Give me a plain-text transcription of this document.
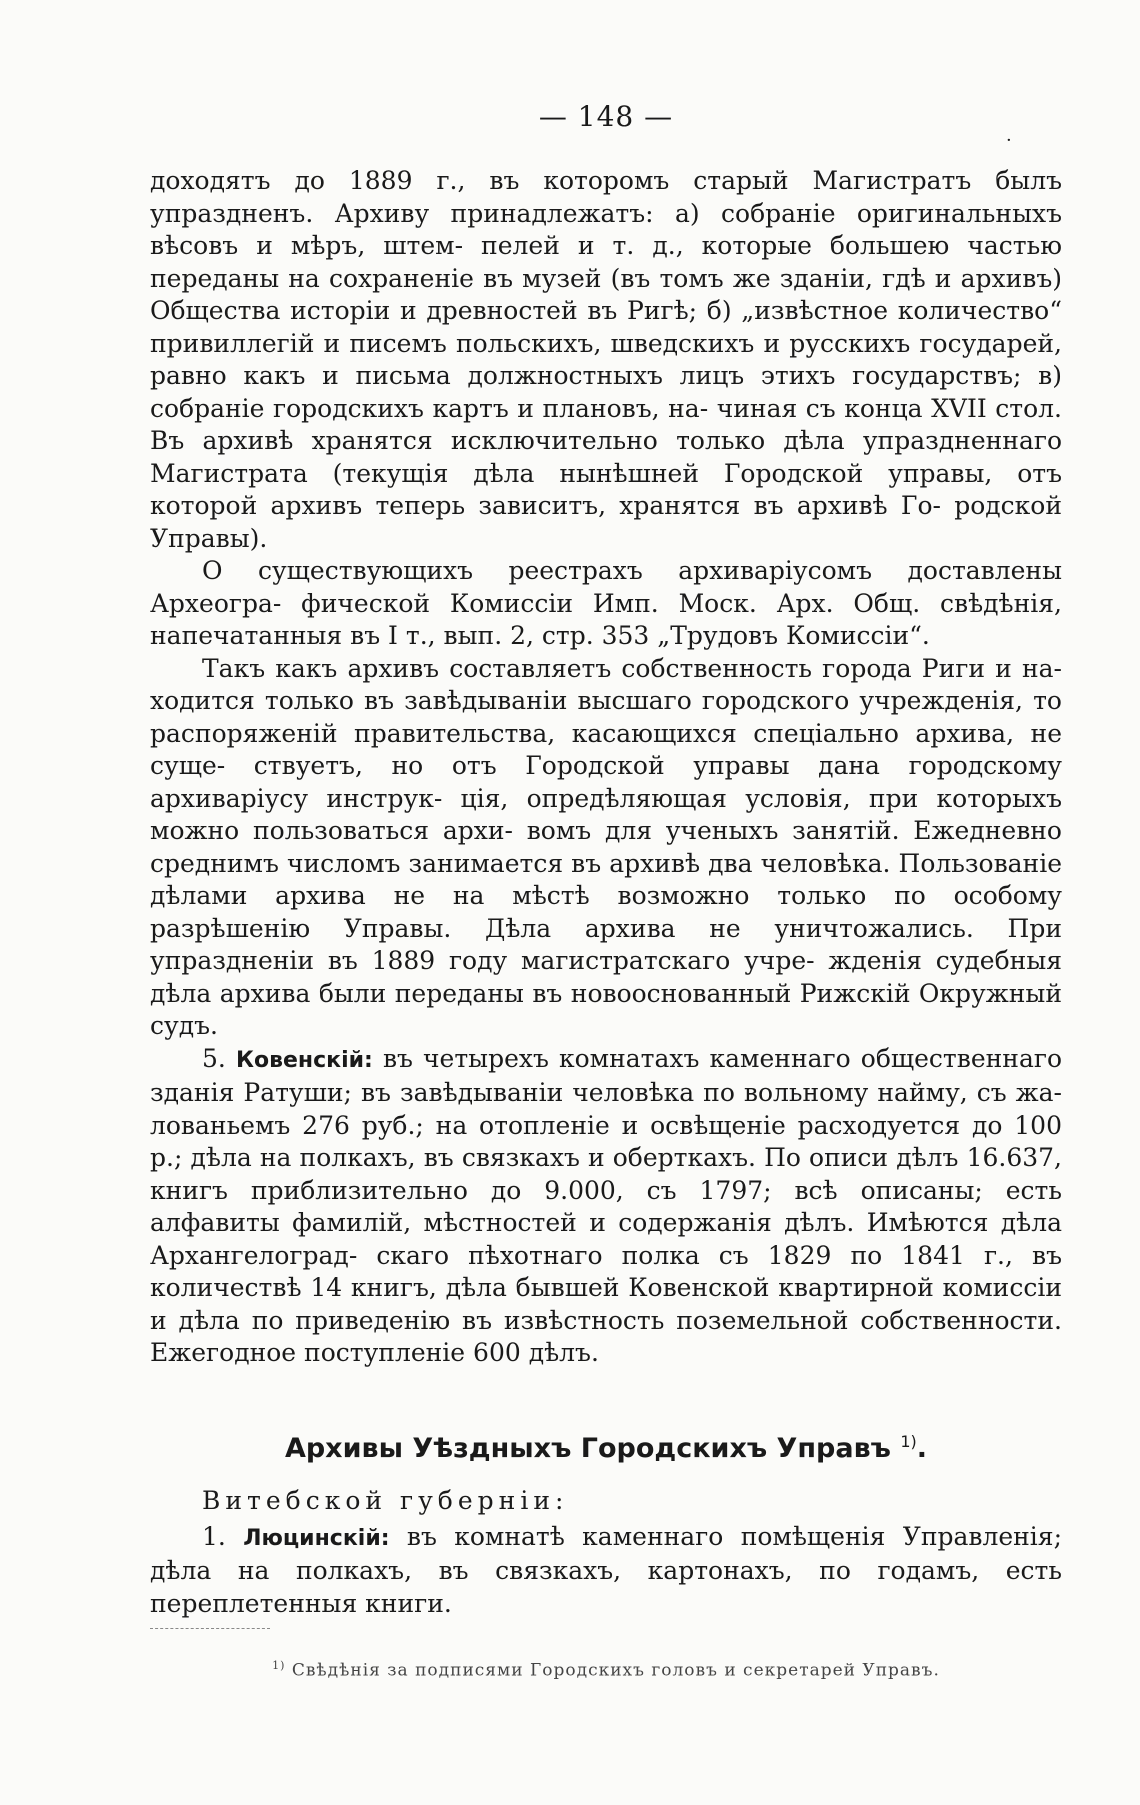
·
— 148 —

доходятъ до 1889 г., въ которомъ старый Магистратъ былъ упраздненъ. Архиву принадлежатъ: а) собраніе оригинальныхъ вѣсовъ и мѣръ, штем- пелей и т. д., которые большею частью переданы на сохраненіе въ музей (въ томъ же зданіи, гдѣ и архивъ) Общества исторіи и древностей въ Ригѣ; б) „извѣстное количество“ привиллегій и писемъ польскихъ, шведскихъ и русскихъ государей, равно какъ и письма должностныхъ лицъ этихъ государствъ; в) собраніе городскихъ картъ и плановъ, на- чиная съ конца XVII стол. Въ архивѣ хранятся исключительно только дѣла упраздненнаго Магистрата (текущія дѣла нынѣшней Городской управы, отъ которой архивъ теперь зависитъ, хранятся въ архивѣ Го- родской Управы).

О существующихъ реестрахъ архиваріусомъ доставлены Археогра- фической Комиссіи Имп. Моск. Арх. Общ. свѣдѣнія, напечатанныя въ I т., вып. 2, стр. 353 „Трудовъ Комиссіи“.

Такъ какъ архивъ составляетъ собственность города Риги и на- ходится только въ завѣдываніи высшаго городского учрежденія, то распоряженій правительства, касающихся спеціально архива, не суще- ствуетъ, но отъ Городской управы дана городскому архиваріусу инструк- ція, опредѣляющая условія, при которыхъ можно пользоваться архи- вомъ для ученыхъ занятій. Ежедневно среднимъ числомъ занимается въ архивѣ два человѣка. Пользованіе дѣлами архива не на мѣстѣ возможно только по особому разрѣшенію Управы. Дѣла архива не уничтожались. При упраздненіи въ 1889 году магистратскаго учре- жденія судебныя дѣла архива были переданы въ новооснованный Рижскій Окружный судъ.

5. Ковенскій: въ четырехъ комнатахъ каменнаго общественнаго зданія Ратуши; въ завѣдываніи человѣка по вольному найму, съ жа- лованьемъ 276 руб.; на отопленіе и освѣщеніе расходуется до 100 р.; дѣла на полкахъ, въ связкахъ и оберткахъ. По описи дѣлъ 16.637, книгъ приблизительно до 9.000, съ 1797; всѣ описаны; есть алфавиты фамилій, мѣстностей и содержанія дѣлъ. Имѣются дѣла Архангелоград- скаго пѣхотнаго полка съ 1829 по 1841 г., въ количествѣ 14 книгъ, дѣла бывшей Ковенской квартирной комиссіи и дѣла по приведенію въ извѣстность поземельной собственности. Ежегодное поступленіе 600 дѣлъ.

Архивы Уѣздныхъ Городскихъ Управъ $^{1)}$.
Витебской губерніи:

1. Люцинскій: въ комнатѣ каменнаго помѣщенія Управленія; дѣла на полкахъ, въ связкахъ, картонахъ, по годамъ, есть переплетенныя книги.

$^{1)}$ Свѣдѣнія за подписями Городскихъ головъ и секретарей Управъ.
